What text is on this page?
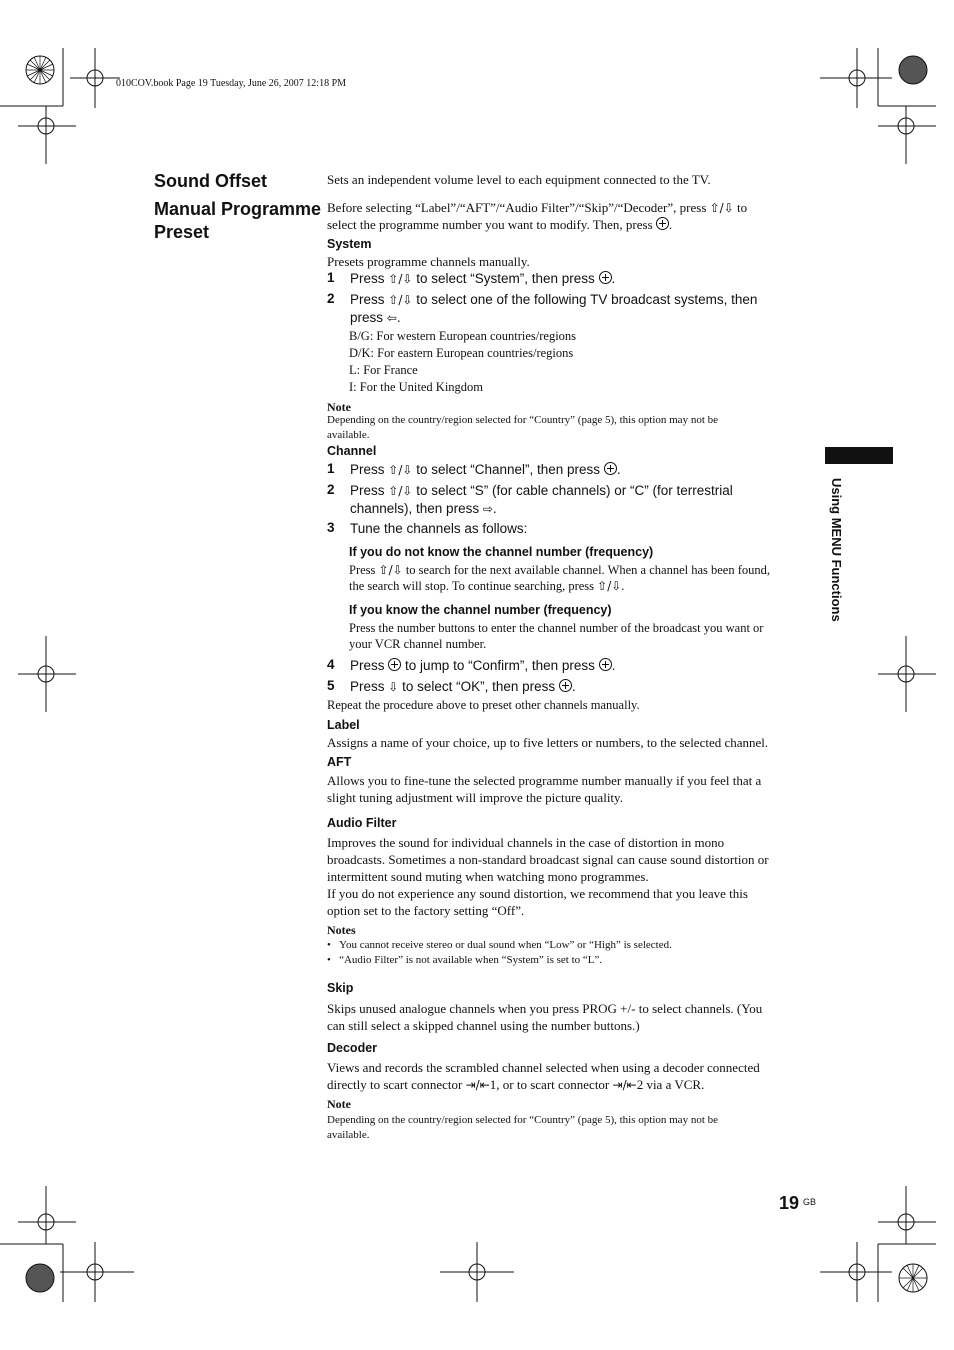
010COV.book Page 19 Tuesday, June 26, 2007 12:18 PM
Sound Offset
Manual Programme
Preset
Sets an independent volume level to each equipment connected to the TV.
Before selecting “Label”/“AFT”/“Audio Filter”/“Skip”/“Decoder”, press ⇧/⇩ to
select the programme number you want to modify. Then, press .
System
Presets programme channels manually.
1 Press ⇧/⇩ to select “System”, then press .
2 Press ⇧/⇩ to select one of the following TV broadcast systems, then
press ⇦.
B/G: For western European countries/regions
D/K: For eastern European countries/regions
L: For France
I: For the United Kingdom
Note
Depending on the country/region selected for “Country” (page 5), this option may not be
available.
Channel
1 Press ⇧/⇩ to select “Channel”, then press .
2 Press ⇧/⇩ to select “S” (for cable channels) or “C” (for terrestrial
channels), then press ⇨.
3 Tune the channels as follows:
If you do not know the channel number (frequency)
Press ⇧/⇩ to search for the next available channel. When a channel has been found,
the search will stop. To continue searching, press ⇧/⇩.
If you know the channel number (frequency)
Press the number buttons to enter the channel number of the broadcast you want or
your VCR channel number.
4 Press to jump to “Confirm”, then press .
5 Press ⇩ to select “OK”, then press .
Repeat the procedure above to preset other channels manually.
Label
Assigns a name of your choice, up to five letters or numbers, to the selected channel.
AFT
Allows you to fine-tune the selected programme number manually if you feel that a
slight tuning adjustment will improve the picture quality.
Audio Filter
Improves the sound for individual channels in the case of distortion in mono
broadcasts. Sometimes a non-standard broadcast signal can cause sound distortion or
intermittent sound muting when watching mono programmes.
If you do not experience any sound distortion, we recommend that you leave this
option set to the factory setting “Off”.
Notes
•   You cannot receive stereo or dual sound when “Low” or “High” is selected.
•   “Audio Filter” is not available when “System” is set to “L”.
Skip
Skips unused analogue channels when you press PROG +/- to select channels. (You
can still select a skipped channel using the number buttons.)
Decoder
Views and records the scrambled channel selected when using a decoder connected
directly to scart connector ⇥/⇤1, or to scart connector ⇥/⇤2 via a VCR.
Note
Depending on the country/region selected for “Country” (page 5), this option may not be
available.
Using MENU Functions
19 GB
